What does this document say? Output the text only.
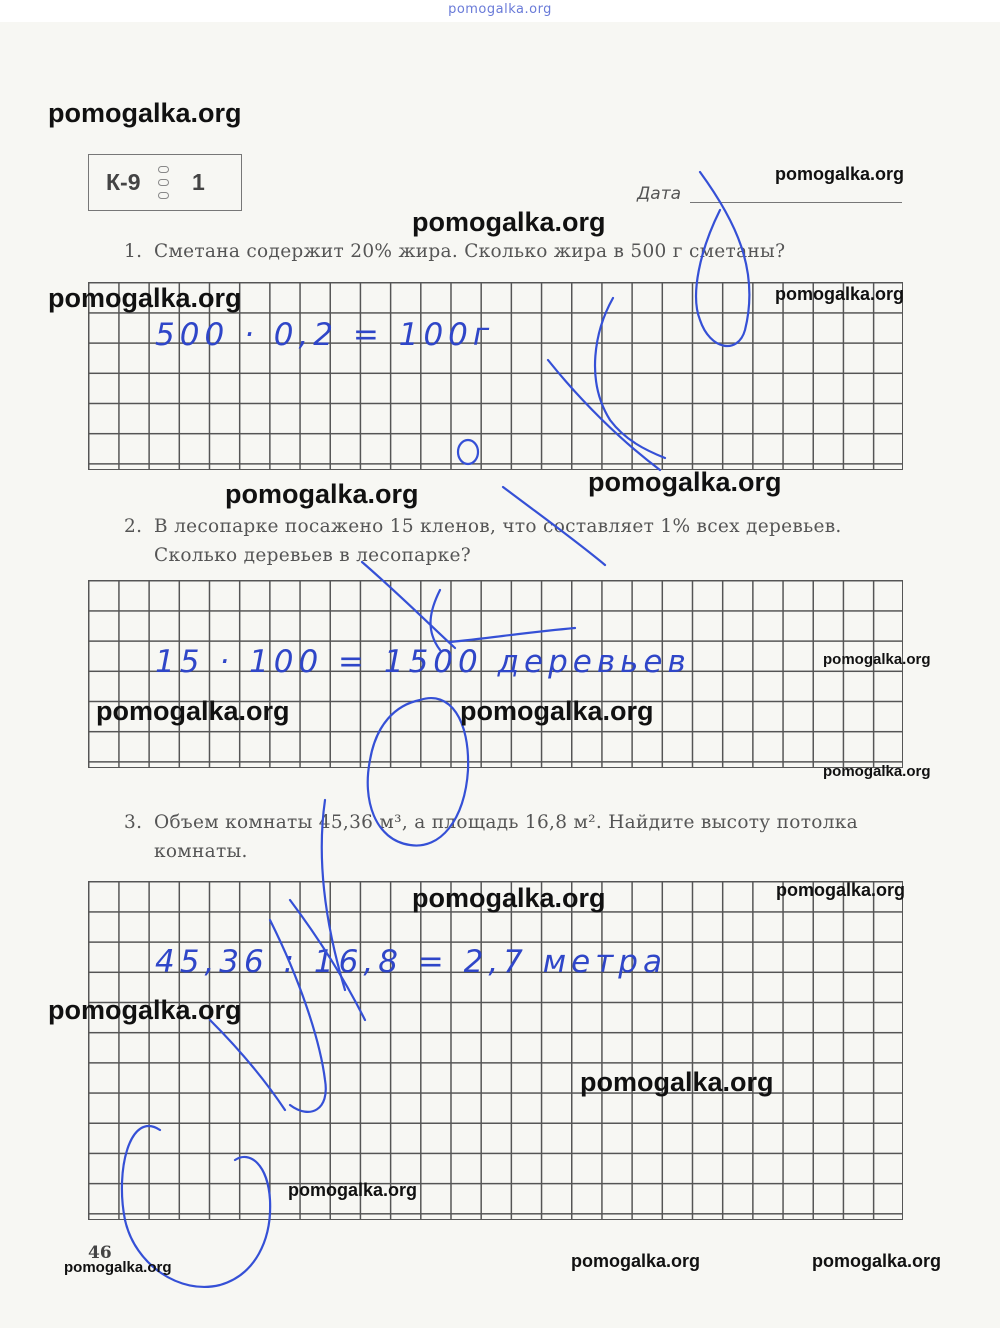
pomogalka.org
К-9	1	Дата
1. Сметана содержит 20% жира. Сколько жира в 500 г сметаны?
500 · 0,2 = 100г
2. В лесопарке посажено 15 кленов, что составляет 1% всех деревьев.
Сколько деревьев в лесопарке?
15 · 100 = 1500 деревьев
3. Объем комнаты 45,36 м³, а площадь 16,8 м². Найдите высоту потолка
комнаты.
45,36 : 16,8 = 2,7 метра
46
pomogalka.org
pomogalka.org
pomogalka.org
pomogalka.org	pomogalka.org
pomogalka.org
pomogalka.org
pomogalka.org
pomogalka.org	pomogalka.org
pomogalka.org
pomogalka.org
pomogalka.org
pomogalka.org
pomogalka.org
pomogalka.org
pomogalka.org	pomogalka.org
pomogalka.org
